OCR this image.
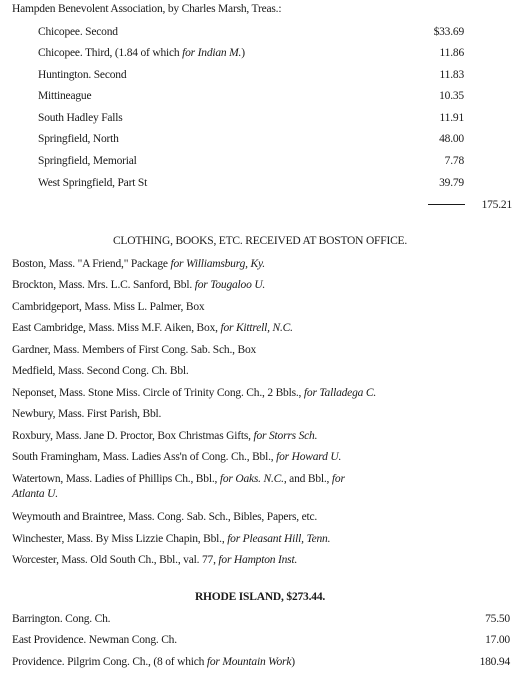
Hampden Benevolent Association, by Charles Marsh, Treas.:
Chicopee. Second	$33.69
Chicopee. Third, (1.84 of which for Indian M.)	11.86
Huntington. Second	11.83
Mittineague	10.35
South Hadley Falls	11.91
Springfield, North	48.00
Springfield, Memorial	7.78
West Springfield, Part St	39.79
175.21
CLOTHING, BOOKS, ETC. RECEIVED AT BOSTON OFFICE.
Boston, Mass. "A Friend," Package for Williamsburg, Ky.
Brockton, Mass. Mrs. L.C. Sanford, Bbl. for Tougaloo U.
Cambridgeport, Mass. Miss L. Palmer, Box
East Cambridge, Mass. Miss M.F. Aiken, Box, for Kittrell, N.C.
Gardner, Mass. Members of First Cong. Sab. Sch., Box
Medfield, Mass. Second Cong. Ch. Bbl.
Neponset, Mass. Stone Miss. Circle of Trinity Cong. Ch., 2 Bbls., for Talladega C.
Newbury, Mass. First Parish, Bbl.
Roxbury, Mass. Jane D. Proctor, Box Christmas Gifts, for Storrs Sch.
South Framingham, Mass. Ladies Ass'n of Cong. Ch., Bbl., for Howard U.
Watertown, Mass. Ladies of Phillips Ch., Bbl., for Oaks. N.C., and Bbl., for
Atlanta U.
Weymouth and Braintree, Mass. Cong. Sab. Sch., Bibles, Papers, etc.
Winchester, Mass. By Miss Lizzie Chapin, Bbl., for Pleasant Hill, Tenn.
Worcester, Mass. Old South Ch., Bbl., val. 77, for Hampton Inst.
RHODE ISLAND, $273.44.
Barrington. Cong. Ch.	75.50
East Providence. Newman Cong. Ch.	17.00
Providence. Pilgrim Cong. Ch., (8 of which for Mountain Work)	180.94
